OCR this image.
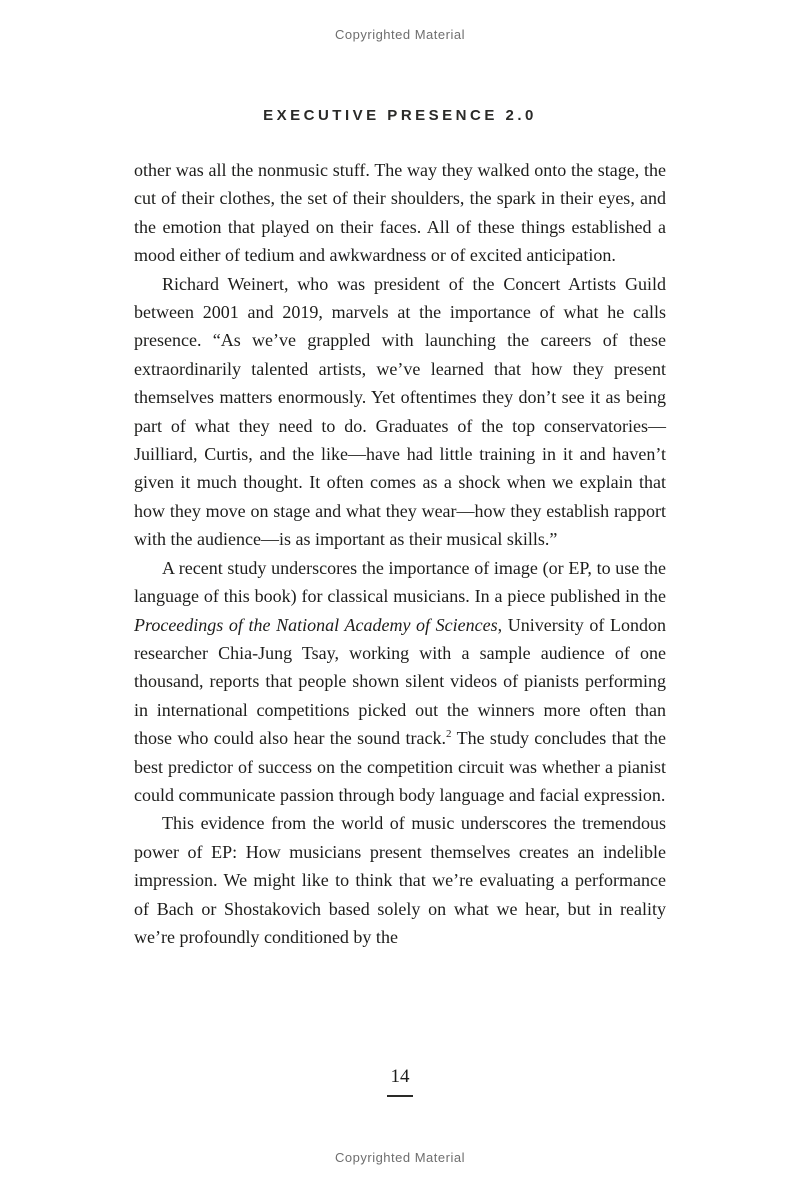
Copyrighted Material
EXECUTIVE PRESENCE 2.0

other was all the nonmusic stuff. The way they walked onto the stage, the cut of their clothes, the set of their shoulders, the spark in their eyes, and the emotion that played on their faces. All of these things established a mood either of tedium and awkwardness or of excited anticipation.

Richard Weinert, who was president of the Concert Artists Guild between 2001 and 2019, marvels at the importance of what he calls presence. “As we’ve grappled with launching the careers of these extraordinarily talented artists, we’ve learned that how they present themselves matters enormously. Yet oftentimes they don’t see it as being part of what they need to do. Graduates of the top conservatories—Juilliard, Curtis, and the like—have had little training in it and haven’t given it much thought. It often comes as a shock when we explain that how they move on stage and what they wear—how they establish rapport with the audience—is as important as their musical skills.”

A recent study underscores the importance of image (or EP, to use the language of this book) for classical musicians. In a piece published in the Proceedings of the National Academy of Sciences, University of London researcher Chia-Jung Tsay, working with a sample audience of one thousand, reports that people shown silent videos of pianists performing in international competitions picked out the winners more often than those who could also hear the sound track.$^2$ The study concludes that the best predictor of success on the competition circuit was whether a pianist could communicate passion through body language and facial expression.

This evidence from the world of music underscores the tremendous power of EP: How musicians present themselves creates an indelible impression. We might like to think that we’re evaluating a performance of Bach or Shostakovich based solely on what we hear, but in reality we’re profoundly conditioned by the

14
Copyrighted Material
